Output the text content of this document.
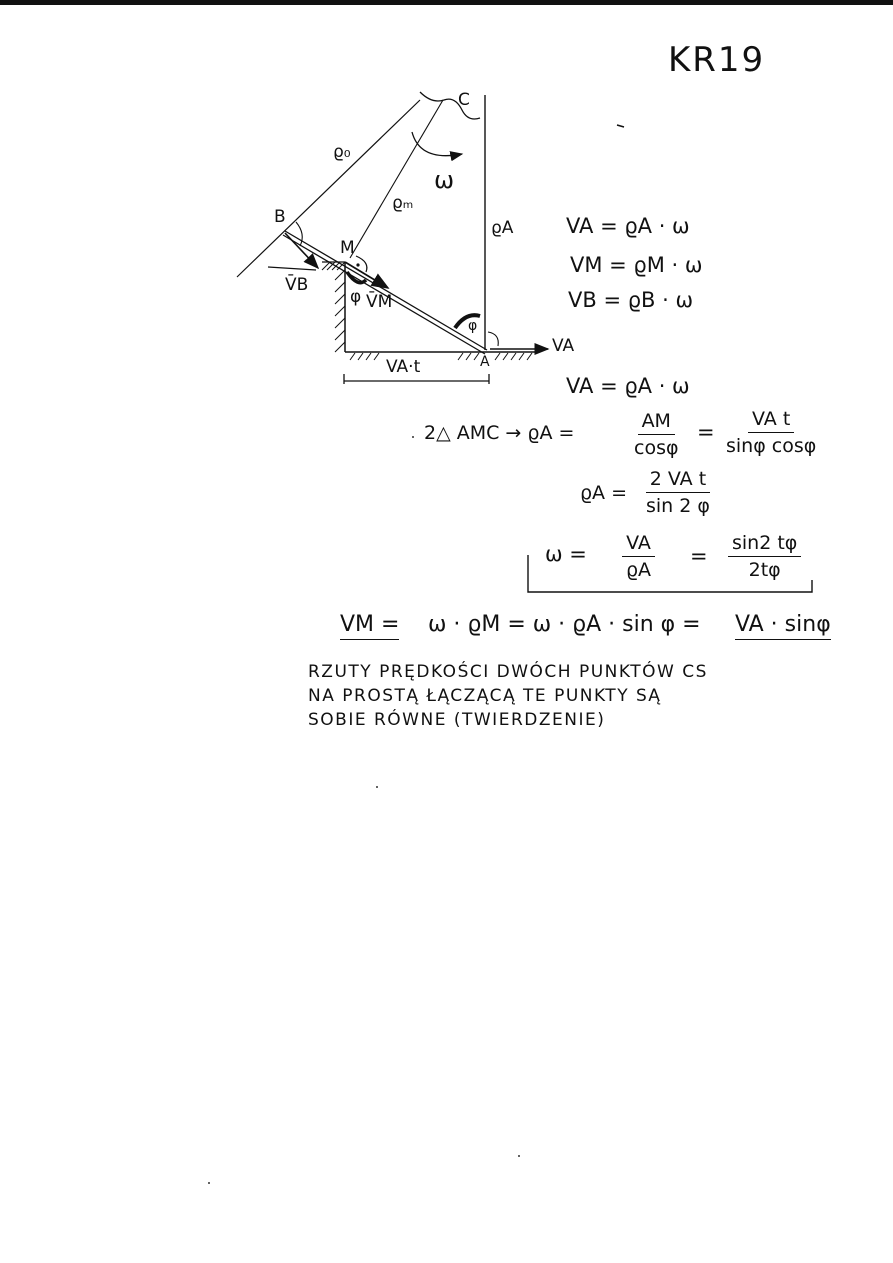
KR19
C
ω
ϱ₀
ϱₘ
ϱA
B
M
A
V̄B
V̄M
φ
φ
VA
VA·t
VA = ϱA · ω
VM = ϱM · ω
VB = ϱB · ω
VA = ϱA · ω
2△ AMC → ϱA =	$\frac{AM}{\cos\varphi} = \frac{\text{VA t}}{\text{sinφ cosφ}}$
$ϱA = \frac{\text{2 VA t}}{\sin 2 \varphi}$
$\omega = \frac{VA}{ϱA} = \frac{\sin 2 t\varphi}{2t\varphi}$
VM = ω · ϱM = ω · ϱA · sin φ = VA · sinφ
RZUTY PRĘDKOŚCI DWÓCH PUNKTÓW CS
NA PROSTĄ ŁĄCZĄCĄ TE PUNKTY SĄ
SOBIE RÓWNE (TWIERDZENIE)
